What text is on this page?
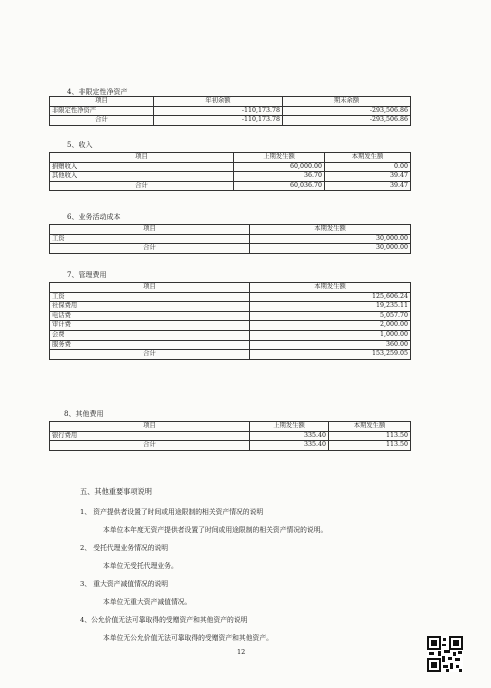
4、非限定性净资产
项目	年初余额	期末余额
非限定性净资产	-110,173.78	-293,506.86
合计	-110,173.78	-293,506.86
5、收入
项目	上期发生额	本期发生额
捐赠收入	60,000.00	0.00
其他收入	36.70	39.47
合计	60,036.70	39.47
6、业务活动成本
项目	本期发生额
工资	30,000.00
合计	30,000.00
7、管理费用
项目	本期发生额
工资	125,606.24
社保费用	19,235.11
电话费	5,057.70
审计费	2,000.00
会费	1,000.00
服务费	360.00
合计	153,259.05
8、其他费用
项目	上期发生额	本期发生额
银行费用	335.40	113.50
合计	335.40	113.50
五、其他重要事项说明
1、 资产提供者设置了时间或用途限制的相关资产情况的说明
本单位本年度无资产提供者设置了时间或用途限制的相关资产情况的说明。
2、 受托代理业务情况的说明
本单位无受托代理业务。
3、 重大资产减值情况的说明
本单位无重大资产减值情况。
4、公允价值无法可靠取得的受赠资产和其他资产的说明
本单位无公允价值无法可靠取得的受赠资产和其他资产。
12
